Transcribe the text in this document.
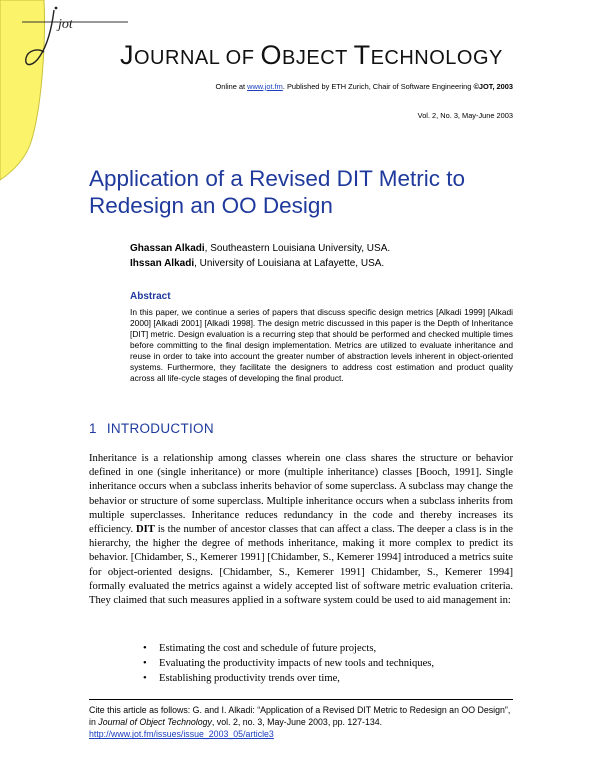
jot
JOURNAL OF OBJECT TECHNOLOGY
Online at www.jot.fm. Published by ETH Zurich, Chair of Software Engineering ©JOT, 2003
Vol. 2, No. 3, May-June 2003
Application of a Revised DIT Metric to
Redesign an OO Design
Ghassan Alkadi, Southeastern Louisiana University, USA.
Ihssan Alkadi, University of Louisiana at Lafayette, USA.
Abstract
In this paper, we continue a series of papers that discuss specific design metrics [Alkadi 1999] [Alkadi 2000] [Alkadi 2001] [Alkadi 1998]. The design metric discussed in this paper is the Depth of Inheritance [DIT] metric. Design evaluation is a recurring step that should be performed and checked multiple times before committing to the final design implementation. Metrics are utilized to evaluate inheritance and reuse in order to take into account the greater number of abstraction levels inherent in object-oriented systems. Furthermore, they facilitate the designers to address cost estimation and product quality across all life-cycle stages of developing the final product.
1 INTRODUCTION
Inheritance is a relationship among classes wherein one class shares the structure or behavior defined in one (single inheritance) or more (multiple inheritance) classes [Booch, 1991]. Single inheritance occurs when a subclass inherits behavior of some superclass. A subclass may change the behavior or structure of some superclass. Multiple inheritance occurs when a subclass inherits from multiple superclasses. Inheritance reduces redundancy in the code and thereby increases its efficiency. DIT is the number of ancestor classes that can affect a class. The deeper a class is in the hierarchy, the higher the degree of methods inheritance, making it more complex to predict its behavior. [Chidamber, S., Kemerer 1991] [Chidamber, S., Kemerer 1994] introduced a metrics suite for object-oriented designs. [Chidamber, S., Kemerer 1991] Chidamber, S., Kemerer 1994] formally evaluated the metrics against a widely accepted list of software metric evaluation criteria. They claimed that such measures applied in a software system could be used to aid management in:
• Estimating the cost and schedule of future projects,
• Evaluating the productivity impacts of new tools and techniques,
• Establishing productivity trends over time,
Cite this article as follows: G. and I. Alkadi: “Application of a Revised DIT Metric to Redesign an OO Design”, in Journal of Object Technology, vol. 2, no. 3, May-June 2003, pp. 127-134.
http://www.jot.fm/issues/issue_2003_05/article3
